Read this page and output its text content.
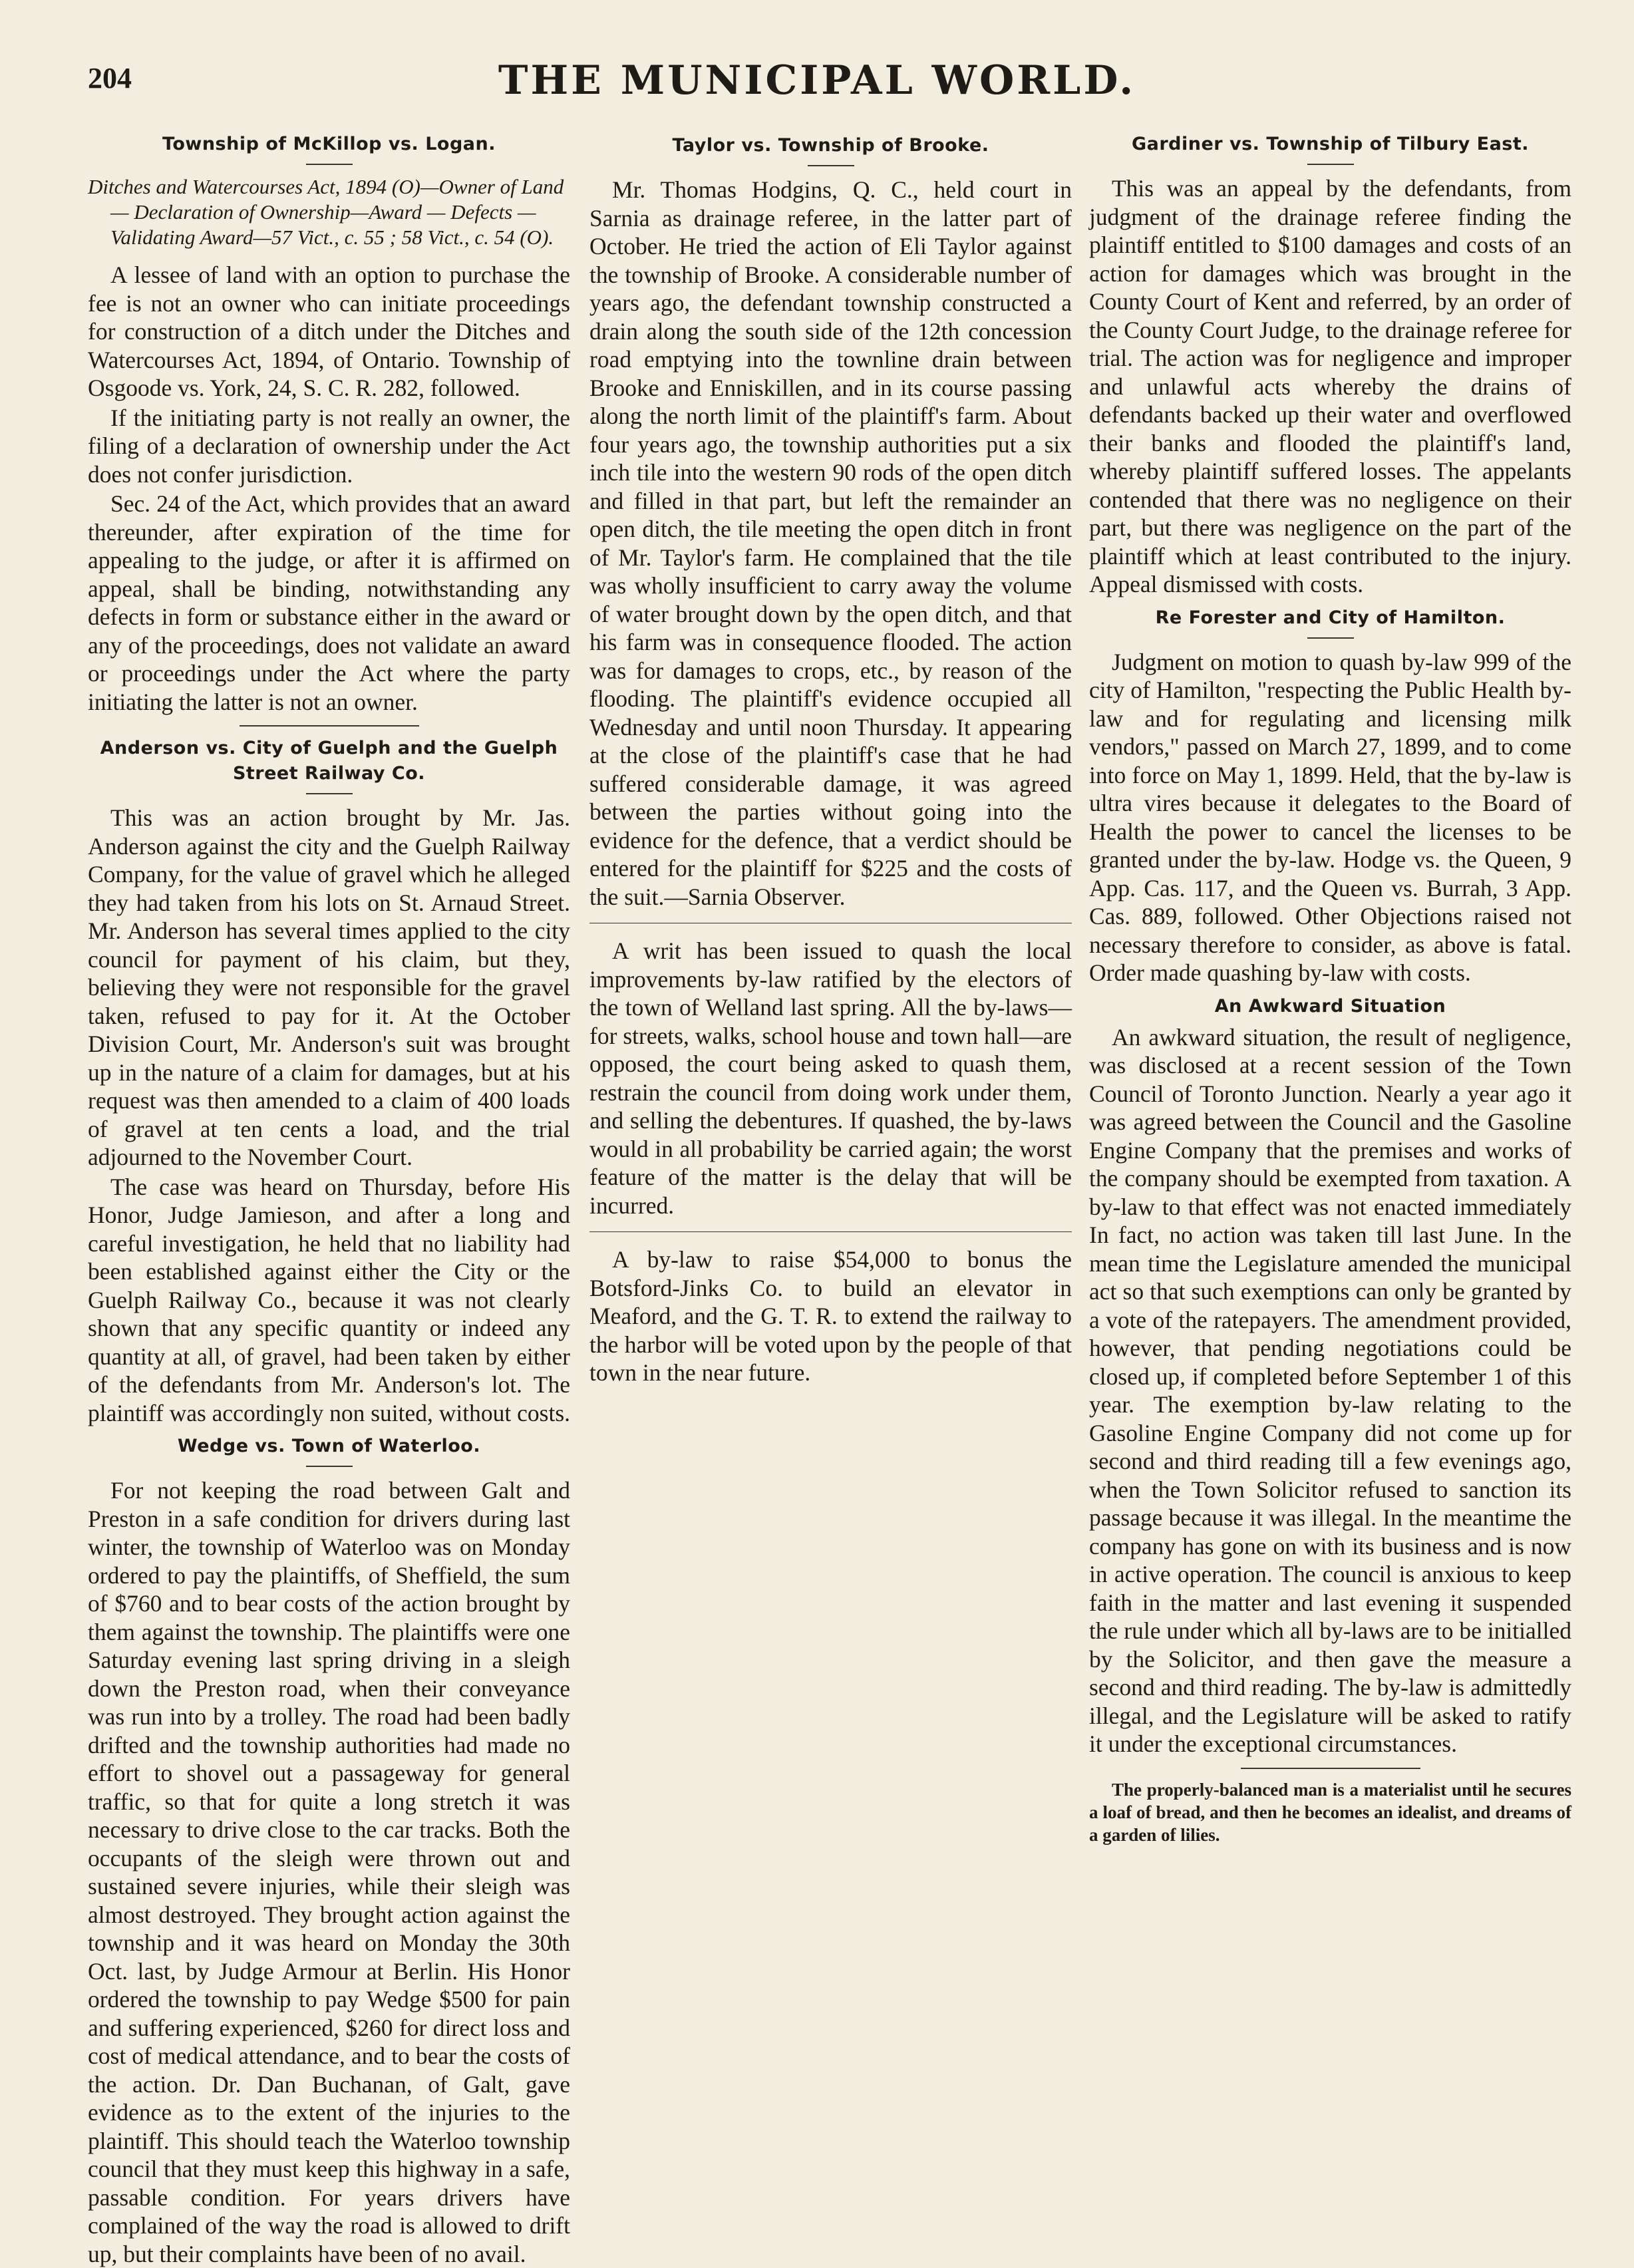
204	THE MUNICIPAL WORLD.
Township of McKillop vs. Logan.
Ditches and Watercourses Act, 1894 (O)—Owner of Land — Declaration of Ownership—Award — Defects — Validating Award—57 Vict., c. 55 ; 58 Vict., c. 54 (O).

A lessee of land with an option to purchase the fee is not an owner who can initiate proceedings for construction of a ditch under the Ditches and Watercourses Act, 1894, of Ontario. Township of Osgoode vs. York, 24, S. C. R. 282, followed.

If the initiating party is not really an owner, the filing of a declaration of ownership under the Act does not confer jurisdiction.

Sec. 24 of the Act, which provides that an award thereunder, after expiration of the time for appealing to the judge, or after it is affirmed on appeal, shall be binding, notwithstanding any defects in form or substance either in the award or any of the proceedings, does not validate an award or proceedings under the Act where the party initiating the latter is not an owner.

Anderson vs. City of Guelph and the Guelph Street Railway Co.

This was an action brought by Mr. Jas. Anderson against the city and the Guelph Railway Company, for the value of gravel which he alleged they had taken from his lots on St. Arnaud Street. Mr. Anderson has several times applied to the city council for payment of his claim, but they, believing they were not responsible for the gravel taken, refused to pay for it. At the October Division Court, Mr. Anderson's suit was brought up in the nature of a claim for damages, but at his request was then amended to a claim of 400 loads of gravel at ten cents a load, and the trial adjourned to the November Court.

The case was heard on Thursday, before His Honor, Judge Jamieson, and after a long and careful investigation, he held that no liability had been established against either the City or the Guelph Railway Co., because it was not clearly shown that any specific quantity or indeed any quantity at all, of gravel, had been taken by either of the defendants from Mr. Anderson's lot. The plaintiff was accordingly non suited, without costs.

Wedge vs. Town of Waterloo.

For not keeping the road between Galt and Preston in a safe condition for drivers during last winter, the township of Waterloo was on Monday ordered to pay the plaintiffs, of Sheffield, the sum of $760 and to bear costs of the action brought by them against the township. The plaintiffs were one Saturday evening last spring driving in a sleigh down the Preston road, when their conveyance was run into by a trolley. The road had been badly drifted and the township authorities had made no effort to shovel out a passageway for general traffic, so that for quite a long stretch it was necessary to drive close to the car tracks. Both the occupants of the sleigh were thrown out and sustained severe injuries, while their sleigh was almost destroyed. They brought action against the township and it was heard on Monday the 30th Oct. last, by Judge Armour at Berlin. His Honor ordered the township to pay Wedge $500 for pain and suffering experienced, $260 for direct loss and cost of medical attendance, and to bear the costs of the action. Dr. Dan Buchanan, of Galt, gave evidence as to the extent of the injuries to the plaintiff. This should teach the Waterloo township council that they must keep this highway in a safe, passable condition. For years drivers have complained of the way the road is allowed to drift up, but their complaints have been of no avail.

Taylor vs. Township of Brooke.

Mr. Thomas Hodgins, Q. C., held court in Sarnia as drainage referee, in the latter part of October. He tried the action of Eli Taylor against the township of Brooke. A considerable number of years ago, the defendant township constructed a drain along the south side of the 12th concession road emptying into the townline drain between Brooke and Enniskillen, and in its course passing along the north limit of the plaintiff's farm. About four years ago, the township authorities put a six inch tile into the western 90 rods of the open ditch and filled in that part, but left the remainder an open ditch, the tile meeting the open ditch in front of Mr. Taylor's farm. He complained that the tile was wholly insufficient to carry away the volume of water brought down by the open ditch, and that his farm was in consequence flooded. The action was for damages to crops, etc., by reason of the flooding. The plaintiff's evidence occupied all Wednesday and until noon Thursday. It appearing at the close of the plaintiff's case that he had suffered considerable damage, it was agreed between the parties without going into the evidence for the defence, that a verdict should be entered for the plaintiff for $225 and the costs of the suit.—Sarnia Observer.

A writ has been issued to quash the local improvements by-law ratified by the electors of the town of Welland last spring. All the by-laws—for streets, walks, school house and town hall—are opposed, the court being asked to quash them, restrain the council from doing work under them, and selling the debentures. If quashed, the by-laws would in all probability be carried again; the worst feature of the matter is the delay that will be incurred.

A by-law to raise $54,000 to bonus the Botsford-Jinks Co. to build an elevator in Meaford, and the G. T. R. to extend the railway to the harbor will be voted upon by the people of that town in the near future.

Gardiner vs. Township of Tilbury East.

This was an appeal by the defendants, from judgment of the drainage referee finding the plaintiff entitled to $100 damages and costs of an action for damages which was brought in the County Court of Kent and referred, by an order of the County Court Judge, to the drainage referee for trial. The action was for negligence and improper and unlawful acts whereby the drains of defendants backed up their water and overflowed their banks and flooded the plaintiff's land, whereby plaintiff suffered losses. The appelants contended that there was no negligence on their part, but there was negligence on the part of the plaintiff which at least contributed to the injury. Appeal dismissed with costs.

Re Forester and City of Hamilton.

Judgment on motion to quash by-law 999 of the city of Hamilton, "respecting the Public Health by-law and for regulating and licensing milk vendors," passed on March 27, 1899, and to come into force on May 1, 1899. Held, that the by-law is ultra vires because it delegates to the Board of Health the power to cancel the licenses to be granted under the by-law. Hodge vs. the Queen, 9 App. Cas. 117, and the Queen vs. Burrah, 3 App. Cas. 889, followed. Other Objections raised not necessary therefore to consider, as above is fatal. Order made quashing by-law with costs.

An Awkward Situation

An awkward situation, the result of negligence, was disclosed at a recent session of the Town Council of Toronto Junction. Nearly a year ago it was agreed between the Council and the Gasoline Engine Company that the premises and works of the company should be exempted from taxation. A by-law to that effect was not enacted immediately In fact, no action was taken till last June. In the mean time the Legislature amended the municipal act so that such exemptions can only be granted by a vote of the ratepayers. The amendment provided, however, that pending negotiations could be closed up, if completed before September 1 of this year. The exemption by-law relating to the Gasoline Engine Company did not come up for second and third reading till a few evenings ago, when the Town Solicitor refused to sanction its passage because it was illegal. In the meantime the company has gone on with its business and is now in active operation. The council is anxious to keep faith in the matter and last evening it suspended the rule under which all by-laws are to be initialled by the Solicitor, and then gave the measure a second and third reading. The by-law is admittedly illegal, and the Legislature will be asked to ratify it under the exceptional circumstances.

The properly-balanced man is a materialist until he secures a loaf of bread, and then he becomes an idealist, and dreams of a garden of lilies.
